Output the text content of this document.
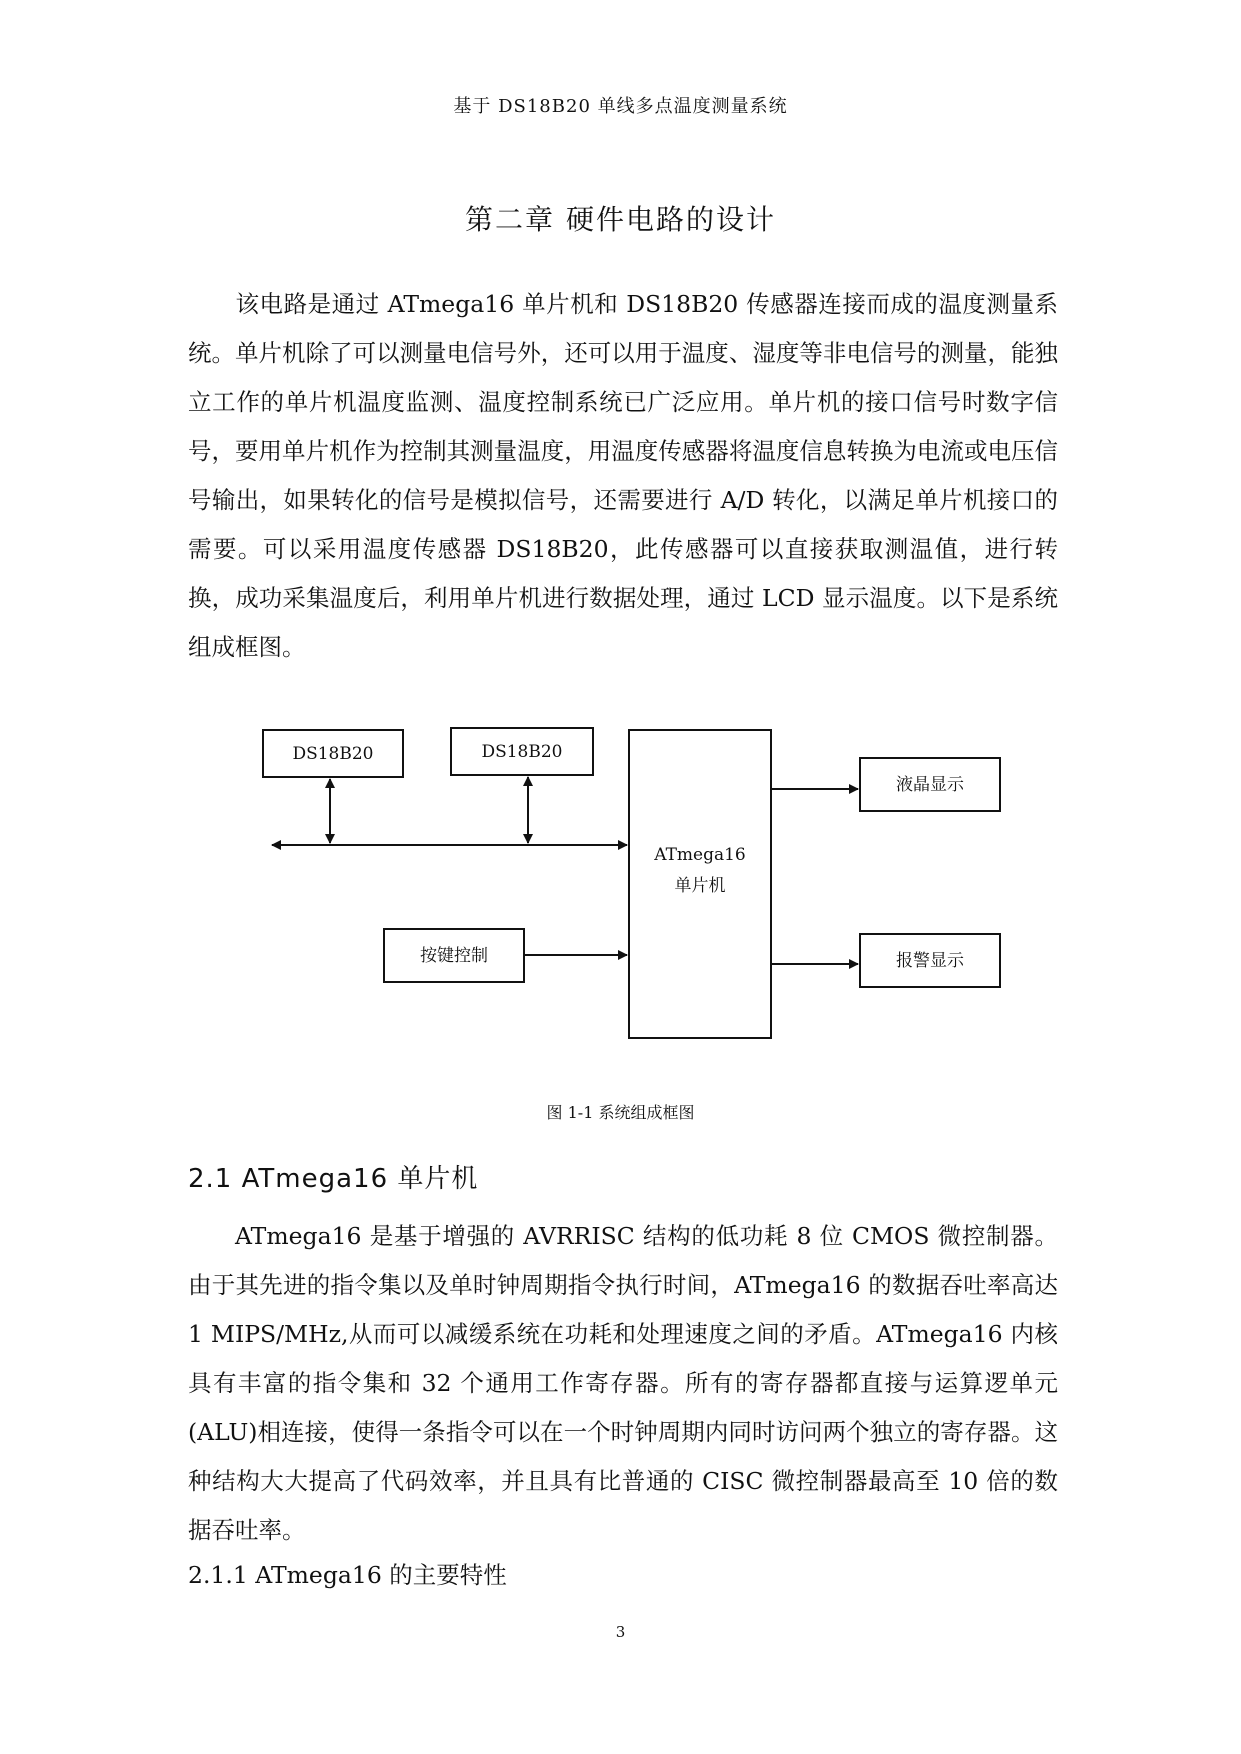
基于 DS18B20 单线多点温度测量系统
第二章 硬件电路的设计

该电路是通过 ATmega16 单片机和 DS18B20 传感器连接而成的温度测量系统。单片机除了可以测量电信号外，还可以用于温度、湿度等非电信号的测量，能独立工作的单片机温度监测、温度控制系统已广泛应用。单片机的接口信号时数字信号，要用单片机作为控制其测量温度，用温度传感器将温度信息转换为电流或电压信号输出，如果转化的信号是模拟信号，还需要进行 A/D 转化，以满足单片机接口的需要。可以采用温度传感器 DS18B20，此传感器可以直接获取测温值，进行转换，成功采集温度后，利用单片机进行数据处理，通过 LCD 显示温度。以下是系统组成框图。

DS18B20	DS18B20
ATmega16
单片机
按键控制
液晶显示
报警显示
图 1-1 系统组成框图
2.1 ATmega16 单片机

ATmega16 是基于增强的 AVRRISC 结构的低功耗 8 位 CMOS 微控制器。由于其先进的指令集以及单时钟周期指令执行时间，ATmega16 的数据吞吐率高达 1 MIPS/MHz,从而可以减缓系统在功耗和处理速度之间的矛盾。ATmega16 内核具有丰富的指令集和 32 个通用工作寄存器。所有的寄存器都直接与运算逻单元(ALU)相连接，使得一条指令可以在一个时钟周期内同时访问两个独立的寄存器。这种结构大大提高了代码效率，并且具有比普通的 CISC 微控制器最高至 10 倍的数据吞吐率。

2.1.1 ATmega16 的主要特性
3
